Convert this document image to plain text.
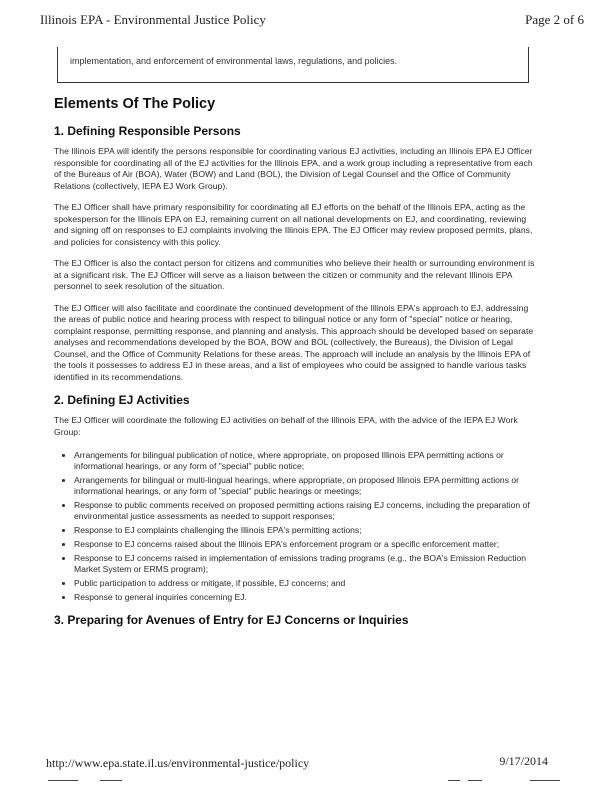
Illinois EPA - Environmental Justice Policy	Page 2 of 6
implementation, and enforcement of environmental laws, regulations, and policies.
Elements Of The Policy
1. Defining Responsible Persons

The Illinois EPA will identify the persons responsible for coordinating various EJ activities, including an Illinois EPA EJ Officer responsible for coordinating all of the EJ activities for the Illinois EPA, and a work group including a representative from each of the Bureaus of Air (BOA), Water (BOW) and Land (BOL), the Division of Legal Counsel and the Office of Community Relations (collectively, IEPA EJ Work Group).

The EJ Officer shall have primary responsibility for coordinating all EJ efforts on the behalf of the Illinois EPA, acting as the spokesperson for the Illinois EPA on EJ, remaining current on all national developments on EJ, and coordinating, reviewing and signing off on responses to EJ complaints involving the Illinois EPA. The EJ Officer may review proposed permits, plans, and policies for consistency with this policy.

The EJ Officer is also the contact person for citizens and communities who believe their health or surrounding environment is at a significant risk. The EJ Officer will serve as a liaison between the citizen or community and the relevant Illinois EPA personnel to seek resolution of the situation.

The EJ Officer will also facilitate and coordinate the continued development of the Illinois EPA's approach to EJ, addressing the areas of public notice and hearing process with respect to bilingual notice or any form of "special" notice or hearing, complaint response, permitting response, and planning and analysis. This approach should be developed based on separate analyses and recommendations developed by the BOA, BOW and BOL (collectively, the Bureaus), the Division of Legal Counsel, and the Office of Community Relations for these areas. The approach will include an analysis by the Illinois EPA of the tools it possesses to address EJ in these areas, and a list of employees who could be assigned to handle various tasks identified in its recommendations.

2. Defining EJ Activities

The EJ Officer will coordinate the following EJ activities on behalf of the Illinois EPA, with the advice of the IEPA EJ Work Group:

• Arrangements for bilingual publication of notice, where appropriate, on proposed Illinois EPA permitting actions or informational hearings, or any form of "special" public notice;
• Arrangements for bilingual or multi-lingual hearings, where appropriate, on proposed Illinois EPA permitting actions or informational hearings, or any form of "special" public hearings or meetings;
• Response to public comments received on proposed permitting actions raising EJ concerns, including the preparation of environmental justice assessments as needed to support responses;
• Response to EJ complaints challenging the Illinois EPA's permitting actions;
• Response to EJ concerns raised about the Illinois EPA's enforcement program or a specific enforcement matter;
• Response to EJ concerns raised in implementation of emissions trading programs (e.g., the BOA's Emission Reduction Market System or ERMS program);
• Public participation to address or mitigate, if possible, EJ concerns; and
• Response to general inquiries concerning EJ.
3. Preparing for Avenues of Entry for EJ Concerns or Inquiries
http://www.epa.state.il.us/environmental-justice/policy	9/17/2014
